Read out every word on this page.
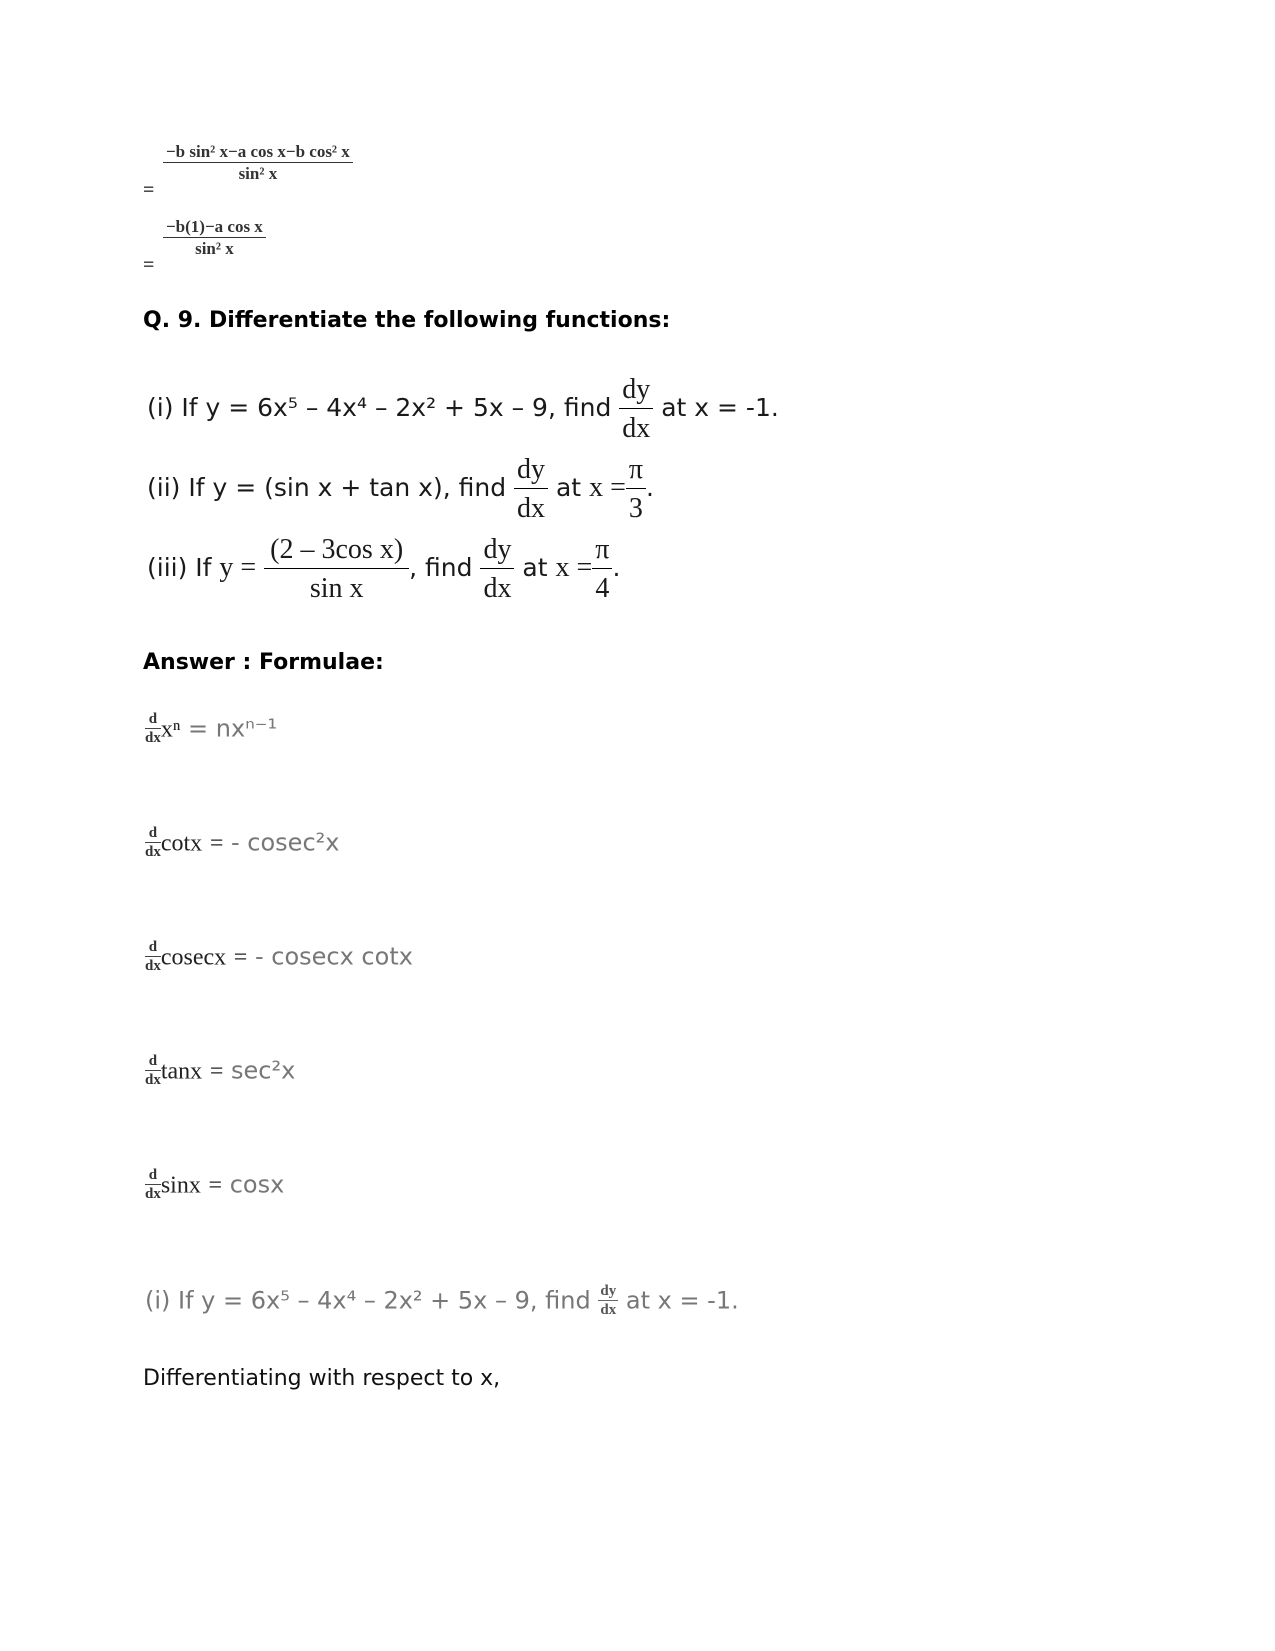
=
$\frac{\text{−b sin² x−a cos x−b cos² x}}{\text{sin² x}}$
=
$\frac{\text{−b(1)−a cos x}}{\text{sin² x}}$
Q. 9. Differentiate the following functions:
(i) If y = 6x⁵ – 4x⁴ – 2x² + 5x – 9, find $\frac{dy}{dx}$ at x = -1.
(ii) If y = (sin x + tan x), find $\frac{dy}{dx}$ at $x = \frac{\pi}{3}$ .
(iii) If $y = \frac{\text{(2 – 3cos x)}}{\text{sin x}}$ , find $\frac{dy}{dx}$ at $x = \frac{\pi}{4}$ .
Answer : Formulae:
$\frac{d}{dx}$ xⁿ = nxⁿ⁻¹
$\frac{d}{dx}$ cotx = - cosec²x
$\frac{d}{dx}$ cosecx = - cosecx cotx
$\frac{d}{dx}$ tanx = sec²x
$\frac{d}{dx}$ sinx = cosx
(i) If y = 6x⁵ – 4x⁴ – 2x² + 5x – 9, find $\frac{dy}{dx}$ at x = -1.
Differentiating with respect to x,
